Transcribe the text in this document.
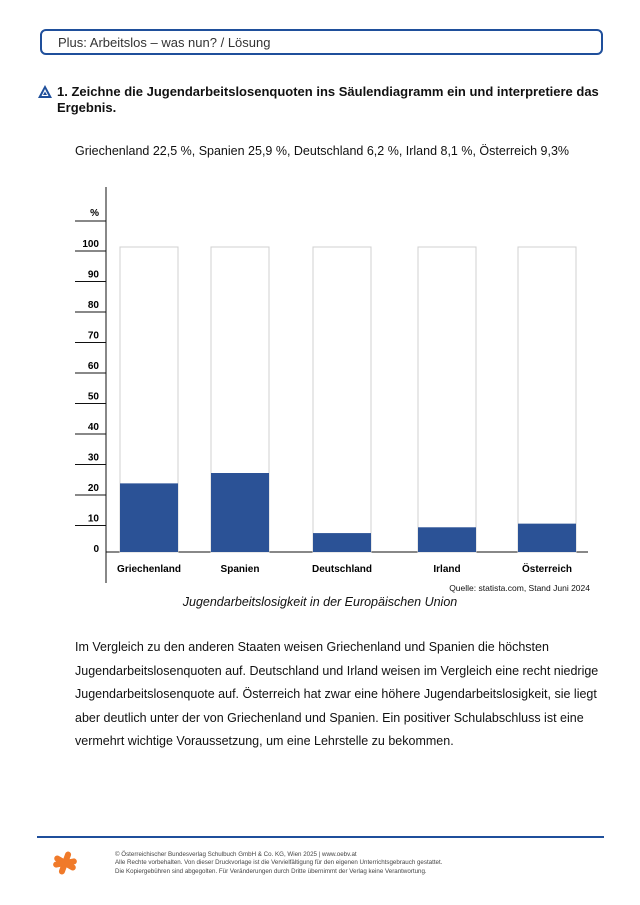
Plus: Arbeitslos – was nun? / Lösung
1. Zeichne die Jugendarbeitslosenquoten ins Säulendiagramm ein und interpretiere das Ergebnis.
Griechenland 22,5 %, Spanien 25,9 %, Deutschland 6,2 %, Irland 8,1 %, Österreich 9,3%
%
0
10
20
30
40
50
60
70
80
90
100
Griechenland	Spanien	Deutschland	Irland	Österreich
Quelle: statista.com, Stand Juni 2024
Jugendarbeitslosigkeit in der Europäischen Union
Im Vergleich zu den anderen Staaten weisen Griechenland und Spanien die höchsten Jugendarbeitslosenquoten auf. Deutschland und Irland weisen im Vergleich eine recht niedrige Jugendarbeitslosenquote auf. Österreich hat zwar eine höhere Jugendarbeitslosigkeit, sie liegt aber deutlich unter der von Griechenland und Spanien. Ein positiver Schulabschluss ist eine vermehrt wichtige Voraussetzung, um eine Lehrstelle zu bekommen.
© Österreichischer Bundesverlag Schulbuch GmbH & Co. KG, Wien 2025 | www.oebv.at
Alle Rechte vorbehalten. Von dieser Druckvorlage ist die Vervielfältigung für den eigenen Unterrichtsgebrauch gestattet.
Die Kopiergebühren sind abgegolten. Für Veränderungen durch Dritte übernimmt der Verlag keine Verantwortung.
